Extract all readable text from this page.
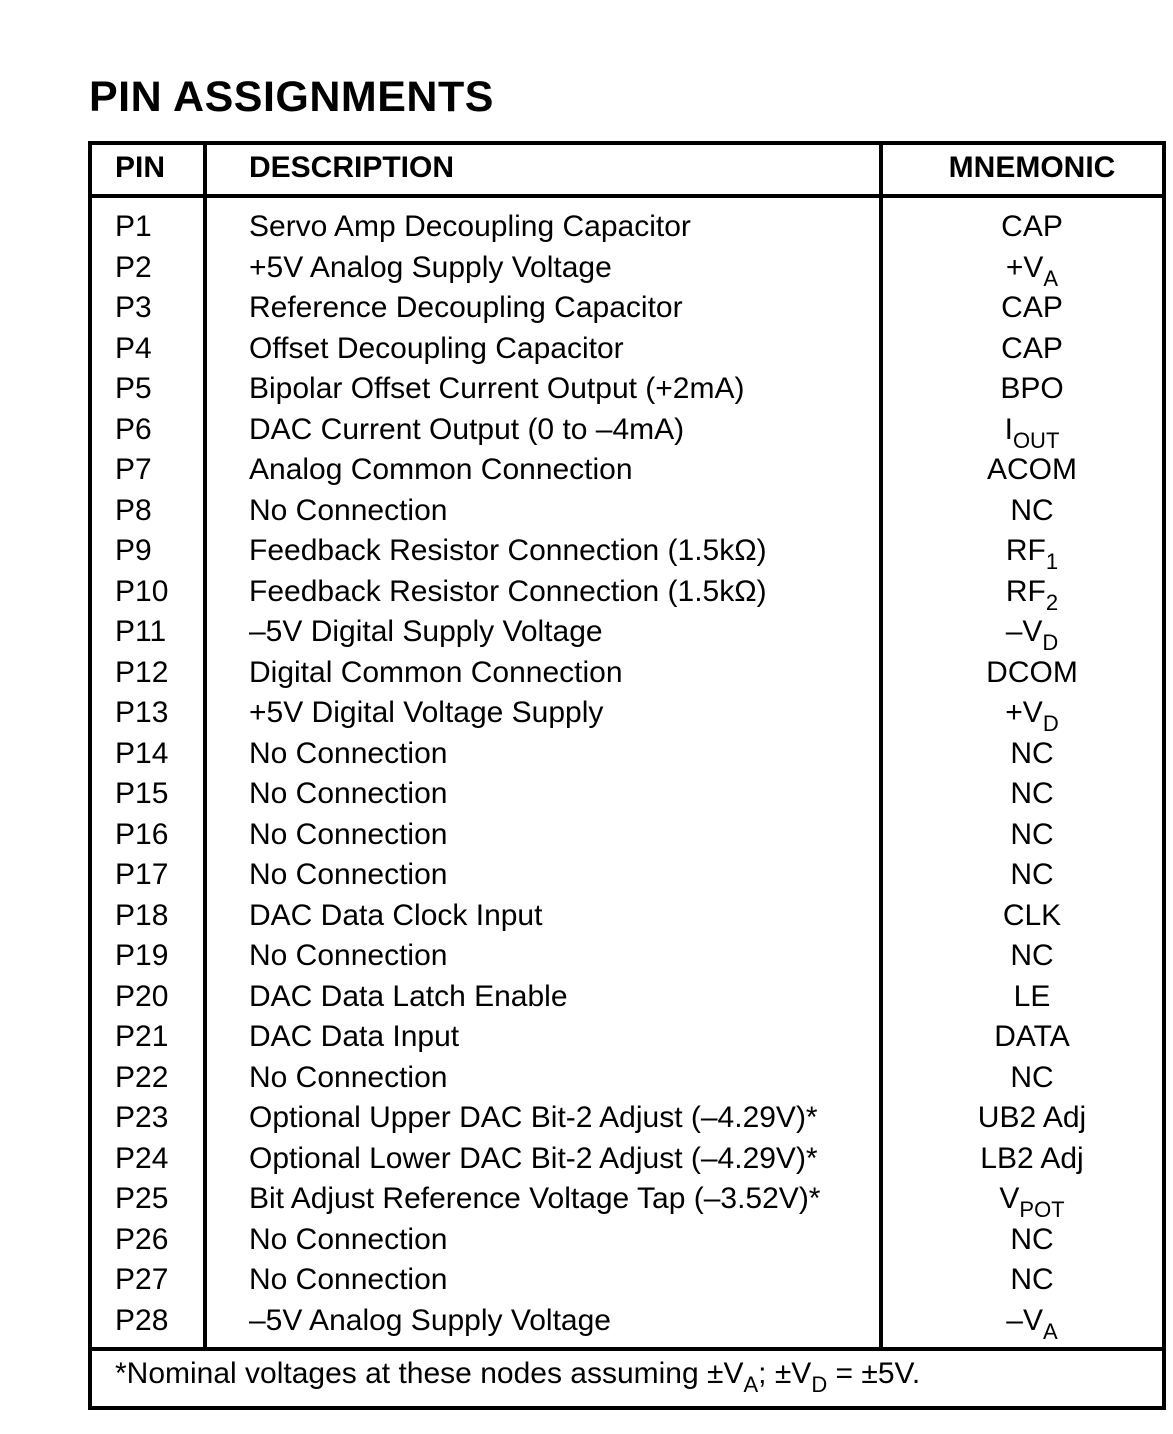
PIN ASSIGNMENTS
PIN	DESCRIPTION	MNEMONIC
P1	Servo Amp Decoupling Capacitor	CAP
P2	+5V Analog Supply Voltage	$+V_A$
P3	Reference Decoupling Capacitor	CAP
P4	Offset Decoupling Capacitor	CAP
P5	Bipolar Offset Current Output (+2mA)	BPO
P6	DAC Current Output (0 to –4mA)	$I_{OUT}$
P7	Analog Common Connection	ACOM
P8	No Connection	NC
P9	Feedback Resistor Connection (1.5kΩ)	$RF_1$
P10	Feedback Resistor Connection (1.5kΩ)	$RF_2$
P11	–5V Digital Supply Voltage	$-V_D$
P12	Digital Common Connection	DCOM
P13	+5V Digital Voltage Supply	$+V_D$
P14	No Connection	NC
P15	No Connection	NC
P16	No Connection	NC
P17	No Connection	NC
P18	DAC Data Clock Input	CLK
P19	No Connection	NC
P20	DAC Data Latch Enable	LE
P21	DAC Data Input	DATA
P22	No Connection	NC
P23	Optional Upper DAC Bit-2 Adjust (–4.29V)*	UB2 Adj
P24	Optional Lower DAC Bit-2 Adjust (–4.29V)*	LB2 Adj
P25	Bit Adjust Reference Voltage Tap (–3.52V)*	$V_{POT}$
P26	No Connection	NC
P27	No Connection	NC
P28	–5V Analog Supply Voltage	$-V_A$
*Nominal voltages at these nodes assuming $\pm V_A$; $\pm V_D = \pm 5V$.
